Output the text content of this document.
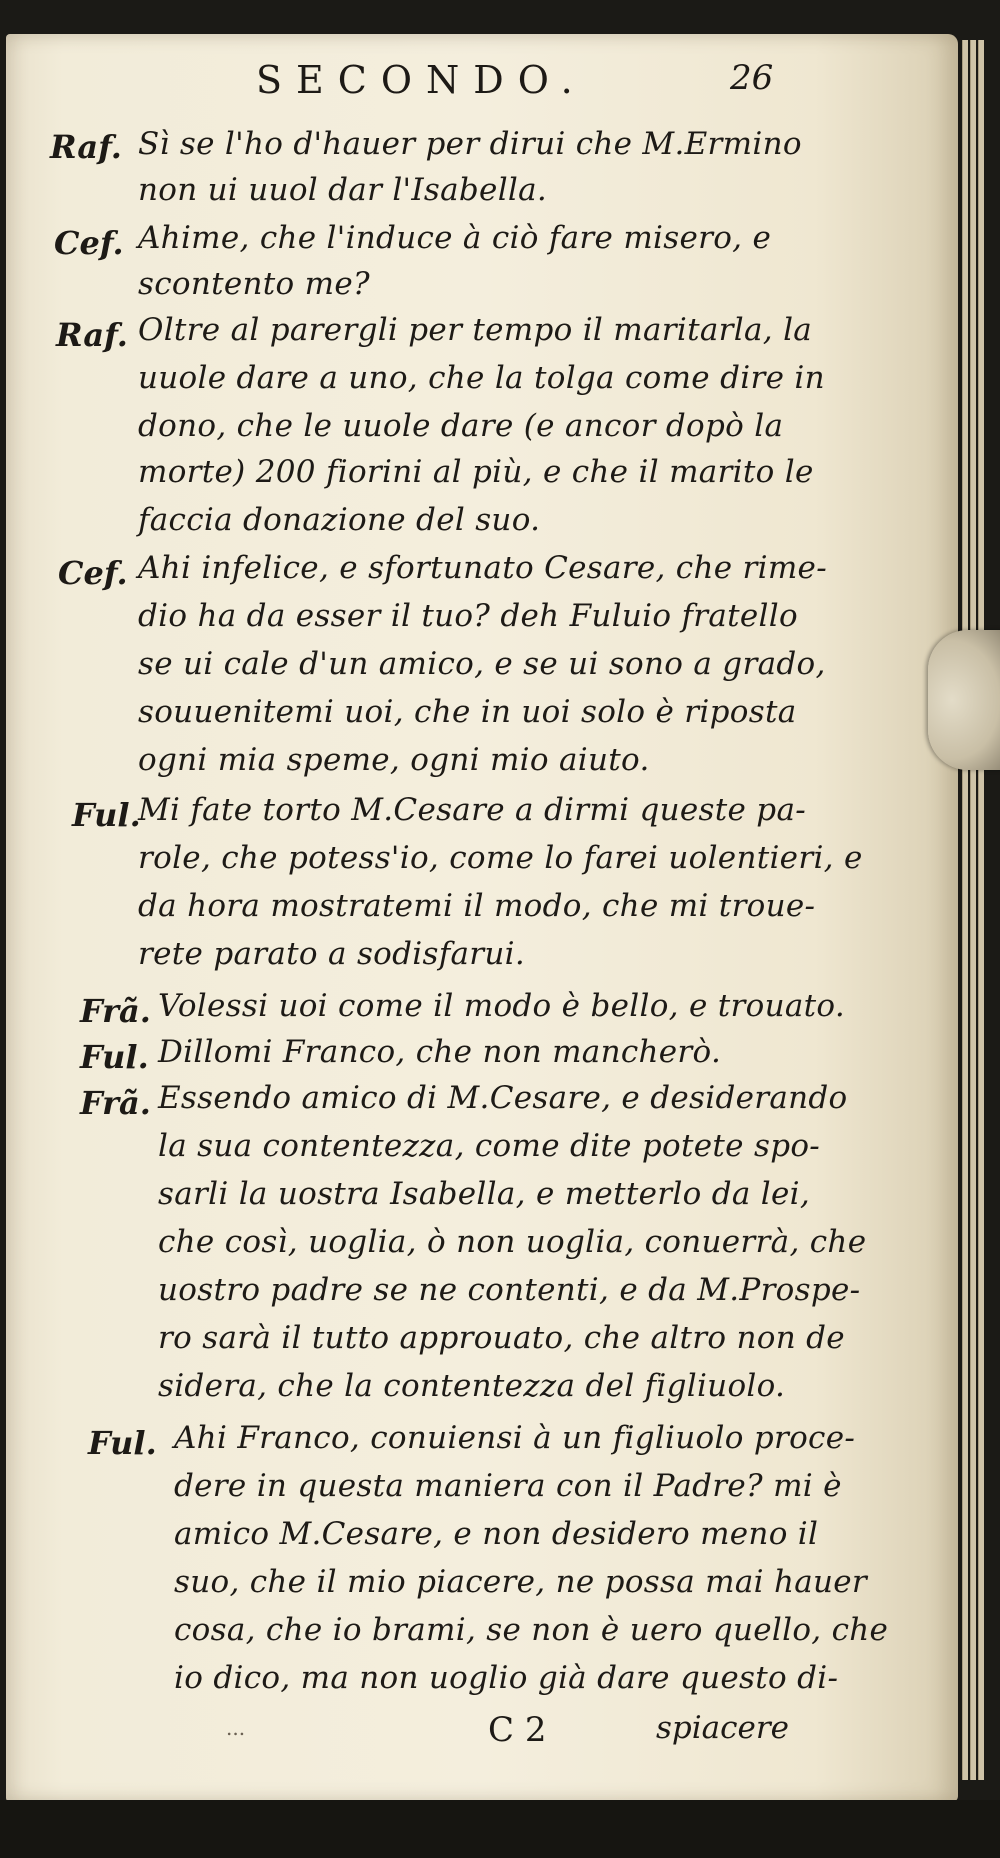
SECONDO.	26
Raf. Sì se l'ho d'hauer per dirui che M.Ermino
non ui uuol dar l'Isabella.
Cef. Ahime, che l'induce à ciò fare misero, e
scontento me?
Raf. Oltre al parergli per tempo il maritarla, la
uuole dare a uno, che la tolga come dire in
dono, che le uuole dare (e ancor dopò la
morte) 200 fiorini al più, e che il marito le
faccia donazione del suo.
Cef. Ahi infelice, e sfortunato Cesare, che rime-
dio ha da esser il tuo? deh Fuluio fratello
se ui cale d'un amico, e se ui sono a grado,
souuenitemi uoi, che in uoi solo è riposta
ogni mia speme, ogni mio aiuto.
Ful.
Mi fate torto M.Cesare a dirmi queste pa-
role, che potess'io, come lo farei uolentieri, e
da hora mostratemi il modo, che mi troue-
rete parato a sodisfarui.
Frã. Volessi uoi come il modo è bello, e trouato.
Ful. Dillomi Franco, che non mancherò.
Frã. Essendo amico di M.Cesare, e desiderando
la sua contentezza, come dite potete spo-
sarli la uostra Isabella, e metterlo da lei,
che così, uoglia, ò non uoglia, conuerrà, che
uostro padre se ne contenti, e da M.Prospe-
ro sarà il tutto approuato, che altro non de
sidera, che la contentezza del figliuolo.
Ful. Ahi Franco, conuiensi à un figliuolo proce-
dere in questa maniera con il Padre? mi è
amico M.Cesare, e non desidero meno il
suo, che il mio piacere, ne possa mai hauer
cosa, che io brami, se non è uero quello, che
io dico, ma non uoglio già dare questo di-
...	C 2	spiacere
